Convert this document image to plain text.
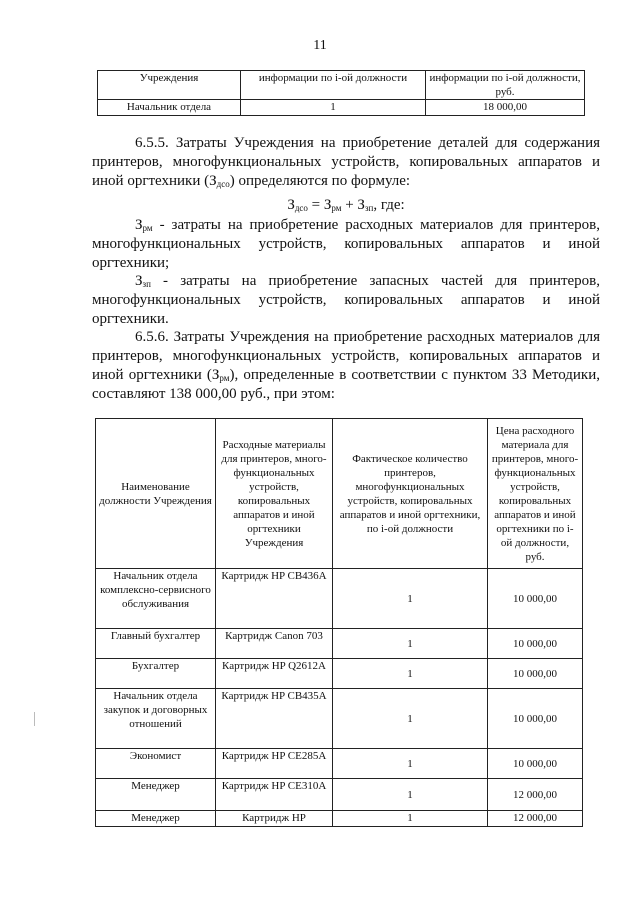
11
Учреждения	информации по i-ой должности	информации по i-ой должности, руб.
Начальник отдела	1	18 000,00

6.5.5. Затраты Учреждения на приобретение деталей для содержания принтеров, многофункциональных устройств, копировальных аппаратов и иной оргтехники $(З_{дсо})$ определяются по формуле:

$З_{дсо} = З_{рм} + З_{зп}$, где:

$З_{рм}$ - затраты на приобретение расходных материалов для принтеров, многофункциональных устройств, копировальных аппаратов и иной оргтехники;

$З_{зп}$ - затраты на приобретение запасных частей для принтеров, многофункциональных устройств, копировальных аппаратов и иной оргтехники.

6.5.6. Затраты Учреждения на приобретение расходных материалов для принтеров, многофункциональных устройств, копировальных аппаратов и иной оргтехники $(З_{рм})$, определенные в соответствии с пунктом 33 Методики, составляют 138 000,00 руб., при этом:

Наименование должности Учреждения	Расходные материалы для принтеров, много-функциональных устройств, копировальных аппаратов и иной оргтехники Учреждения	Фактическое количество принтеров, многофункциональных устройств, копировальных аппаратов и иной оргтехники, по i-ой должности	Цена расходного материала для принтеров, много-функциональных устройств, копировальных аппаратов и иной оргтехники по i-ой должности, руб.
Начальник отдела комплексно-сервисного обслуживания	Картридж HP CB436A	1	10 000,00
Главный бухгалтер	Картридж Canon 703	1	10 000,00
Бухгалтер	Картридж HP Q2612A	1	10 000,00
Начальник отдела закупок и договорных отношений	Картридж HP CB435A	1	10 000,00
Экономист	Картридж HP CE285A	1	10 000,00
Менеджер	Картридж HP CE310A	1	12 000,00
Менеджер	Картридж HP	1	12 000,00
